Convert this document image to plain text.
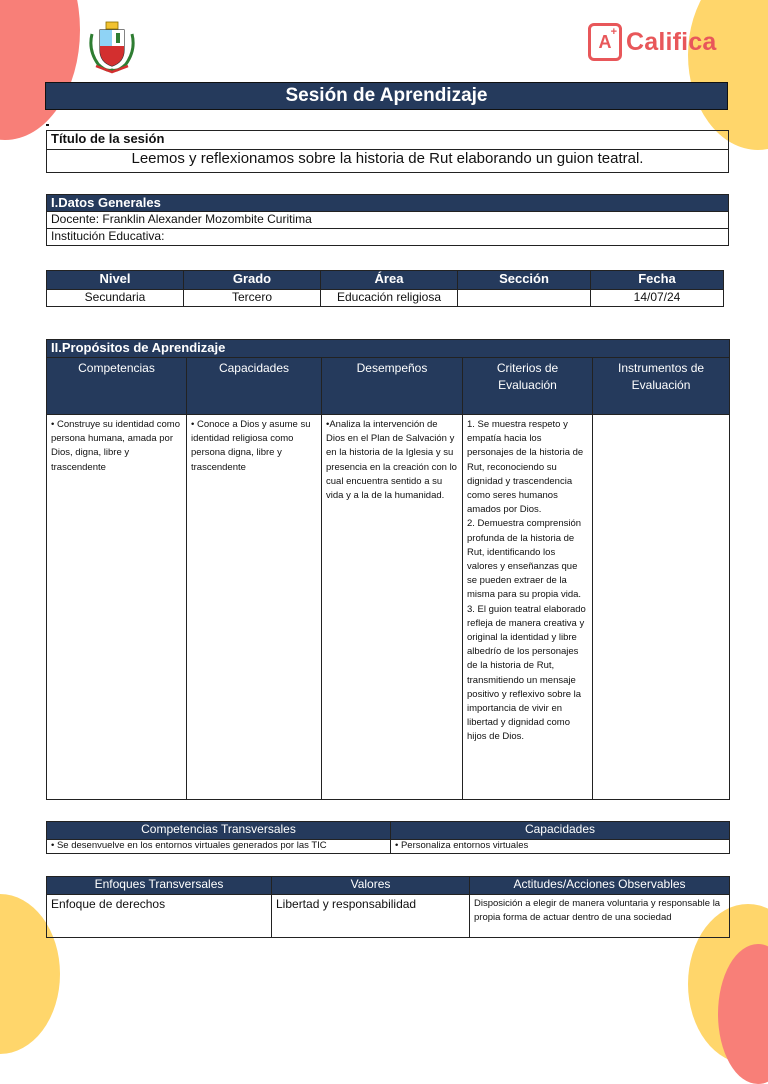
A+ Califica
Sesión de Aprendizaje
Título de la sesión
Leemos y reflexionamos sobre la historia de Rut elaborando un guion teatral.
I.Datos Generales
Docente: Franklin Alexander Mozombite Curitima
Institución Educativa:
Nivel	Grado	Área	Sección	Fecha
Secundaria	Tercero	Educación religiosa		14/07/24
II.Propósitos de Aprendizaje				
Competencias	Capacidades	Desempeños	Criterios de Evaluación	Instrumentos de Evaluación
• Construye su identidad como persona humana, amada por Dios, digna, libre y trascendente	• Conoce a Dios y asume su identidad religiosa como persona digna, libre y trascendente	•Analiza la intervención de Dios en el Plan de Salvación y en la historia de la Iglesia y su presencia en la creación con lo cual encuentra sentido a su vida y a la de la humanidad.	1. Se muestra respeto y empatía hacia los personajes de la historia de Rut, reconociendo su dignidad y trascendencia como seres humanos amados por Dios.
2. Demuestra comprensión profunda de la historia de Rut, identificando los valores y enseñanzas que se pueden extraer de la misma para su propia vida.
3. El guion teatral elaborado refleja de manera creativa y original la identidad y libre albedrío de los personajes de la historia de Rut, transmitiendo un mensaje positivo y reflexivo sobre la importancia de vivir en libertad y dignidad como hijos de Dios.	

Competencias Transversales	Capacidades
• Se desenvuelve en los entornos virtuales generados por las TIC	• Personaliza entornos virtuales
Enfoques Transversales	Valores	Actitudes/Acciones Observables
Enfoque de derechos	Libertad y responsabilidad	Disposición a elegir de manera voluntaria y responsable la propia forma de actuar dentro de una sociedad
